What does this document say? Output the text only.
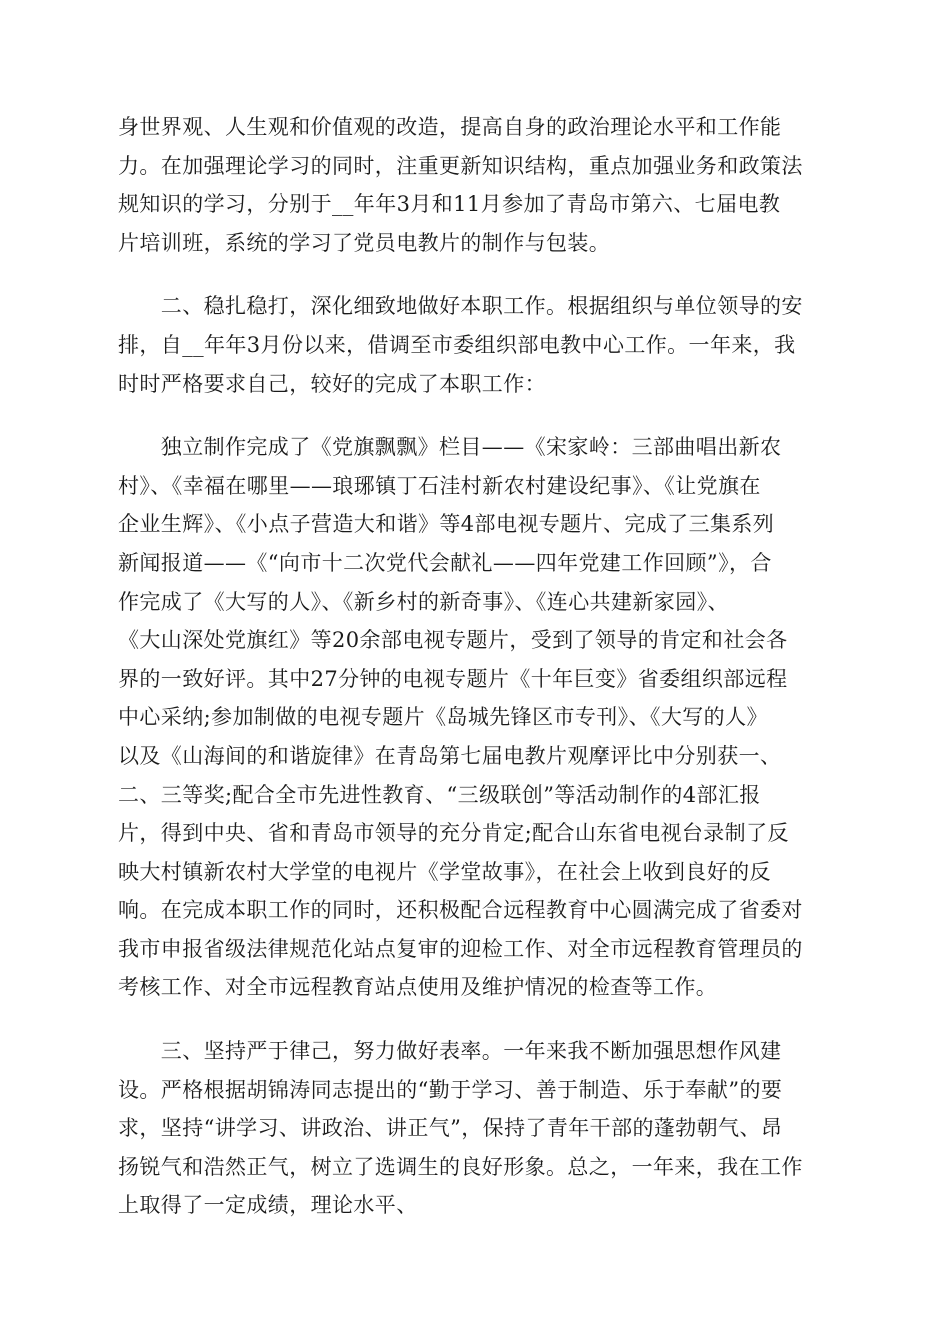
身世界观、人生观和价值观的改造，提高自身的政治理论水平和工作能
力。在加强理论学习的同时，注重更新知识结构，重点加强业务和政策法
规知识的学习，分别于__年年3月和11月参加了青岛市第六、七届电教
片培训班，系统的学习了党员电教片的制作与包装。
　　二、稳扎稳打，深化细致地做好本职工作。根据组织与单位领导的安
排，自__年年3月份以来，借调至市委组织部电教中心工作。一年来，我
时时严格要求自己，较好的完成了本职工作：
　　独立制作完成了《党旗飘飘》栏目——《宋家岭：三部曲唱出新农
村》、《幸福在哪里——琅琊镇丁石洼村新农村建设纪事》、《让党旗在
企业生辉》、《小点子营造大和谐》等4部电视专题片、完成了三集系列
新闻报道——《“向市十二次党代会献礼——四年党建工作回顾”》，合
作完成了《大写的人》、《新乡村的新奇事》、《连心共建新家园》、
《大山深处党旗红》等20余部电视专题片，受到了领导的肯定和社会各
界的一致好评。其中27分钟的电视专题片《十年巨变》省委组织部远程
中心采纳;参加制做的电视专题片《岛城先锋区市专刊》、《大写的人》
以及《山海间的和谐旋律》在青岛第七届电教片观摩评比中分别获一、
二、三等奖;配合全市先进性教育、“三级联创”等活动制作的4部汇报
片，得到中央、省和青岛市领导的充分肯定;配合山东省电视台录制了反
映大村镇新农村大学堂的电视片《学堂故事》，在社会上收到良好的反
响。在完成本职工作的同时，还积极配合远程教育中心圆满完成了省委对
我市申报省级法律规范化站点复审的迎检工作、对全市远程教育管理员的
考核工作、对全市远程教育站点使用及维护情况的检查等工作。
　　三、坚持严于律己，努力做好表率。一年来我不断加强思想作风建
设。严格根据胡锦涛同志提出的“勤于学习、善于制造、乐于奉献”的要
求，坚持“讲学习、讲政治、讲正气”，保持了青年干部的蓬勃朝气、昂
扬锐气和浩然正气，树立了选调生的良好形象。总之，一年来，我在工作
上取得了一定成绩，理论水平、
